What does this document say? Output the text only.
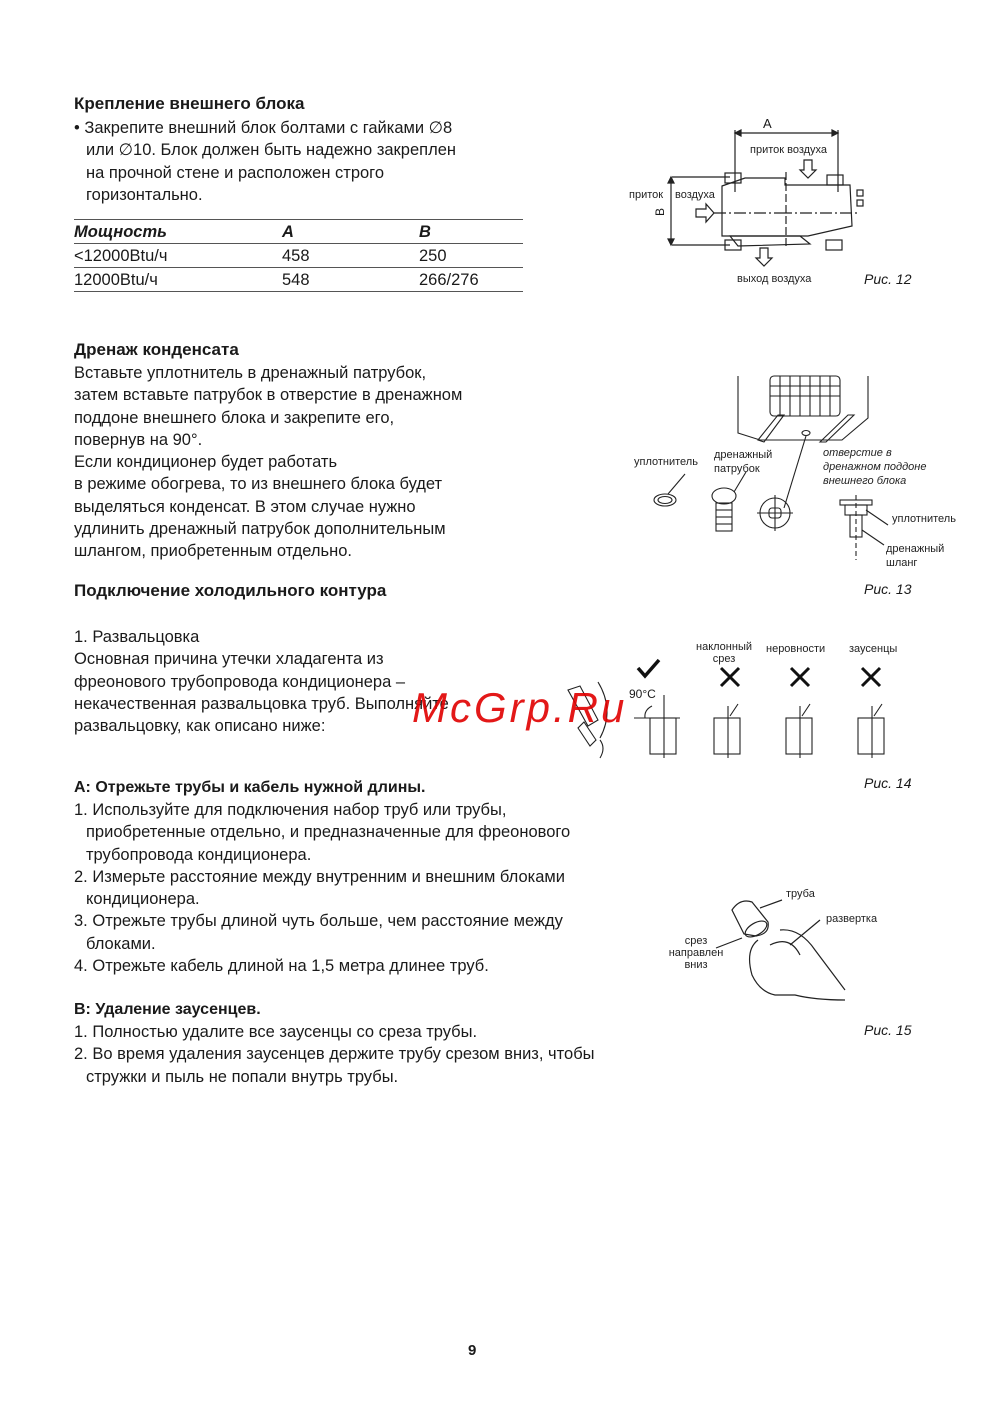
Крепление внешнего блока
• Закрепите внешний блок болтами с гайками ∅8
или ∅10. Блок должен быть надежно закреплен
на прочной стене и расположен строго
горизонтально.
Мощность	A	B
<12000Btu/ч	458	250
12000Btu/ч	548	266/276
A
B
приток воздуха
приток воздуха
выход воздуха	Рис. 12
Дренаж конденсата
Вставьте уплотнитель в дренажный патрубок,
затем вставьте патрубок в отверстие в дренажном
поддоне внешнего блока и закрепите его,
повернув на 90°.
Если кондиционер будет работать
в режиме обогрева, то из внешнего блока будет
выделяться конденсат. В этом случае нужно
удлинить дренажный патрубок дополнительным
шлангом, приобретенным отдельно.
уплотнитель
дренажный
патрубок
отверстие в
дренажном поддоне
внешнего блока
уплотнитель
дренажный
шланг
Рис. 13
Подключение холодильного контура
1. Развальцовка
Основная причина утечки хладагента из
фреонового трубопровода кондиционера –
некачественная развальцовка труб. Выполняйте
развальцовку, как описано ниже:
90°C
наклонный
срез
неровности заусенцы
Рис. 14
McGrp.Ru
A: Отрежьте трубы и кабель нужной длины.
1. Используйте для подключения набор труб или трубы,
приобретенные отдельно, и предназначенные для фреонового
трубопровода кондиционера.
2. Измерьте расстояние между внутренним и внешним блоками
кондиционера.
3. Отрежьте трубы длиной чуть больше, чем расстояние между
блоками.
4. Отрежьте кабель длиной на 1,5 метра длинее труб.
труба
развертка
срез
направлен
вниз
Рис. 15
B: Удаление заусенцев.
1. Полностью удалите все заусенцы со среза трубы.
2. Во время удаления заусенцев держите трубу срезом вниз, чтобы
стружки и пыль не попали внутрь трубы.
9
